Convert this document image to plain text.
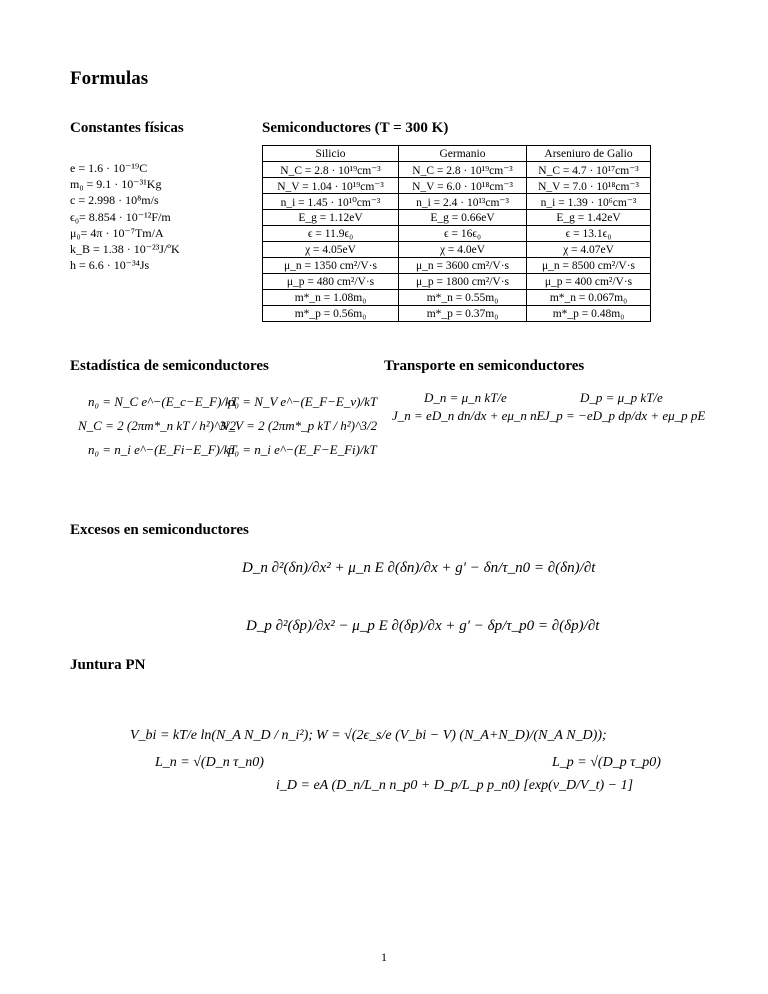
Formulas
Constantes físicas
e = 1.6 · 10⁻¹⁹C
m₀ = 9.1 · 10⁻³¹Kg
c = 2.998 · 10⁸m/s
ϵ₀= 8.854 · 10⁻¹²F/m
μ₀= 4π · 10⁻⁷Tm/A
k_B = 1.38 · 10⁻²³J/ºK
h = 6.6 · 10⁻³⁴Js
Semiconductores (T = 300 K)
Silicio	Germanio	Arseniuro de Galio
N_C = 2.8 · 10¹⁹cm⁻³	N_C = 2.8 · 10¹⁹cm⁻³	N_C = 4.7 · 10¹⁷cm⁻³
N_V = 1.04 · 10¹⁹cm⁻³	N_V = 6.0 · 10¹⁸cm⁻³	N_V = 7.0 · 10¹⁸cm⁻³
n_i = 1.45 · 10¹⁰cm⁻³	n_i = 2.4 · 10¹³cm⁻³	n_i = 1.39 · 10⁶cm⁻³
E_g = 1.12eV	E_g = 0.66eV	E_g = 1.42eV
ϵ = 11.9ϵ₀	ϵ = 16ϵ₀	ϵ = 13.1ϵ₀
χ = 4.05eV	χ = 4.0eV	χ = 4.07eV
μ_n = 1350 cm²/V·s	μ_n = 3600 cm²/V·s	μ_n = 8500 cm²/V·s
μ_p = 480 cm²/V·s	μ_p = 1800 cm²/V·s	μ_p = 400 cm²/V·s
m*_n = 1.08m₀	m*_n = 0.55m₀	m*_n = 0.067m₀
m*_p = 0.56m₀	m*_p = 0.37m₀	m*_p = 0.48m₀
Estadística de semiconductores
n₀ = N_C e^−(E_c−E_F)/kT
N_C = 2 (2πm*_n kT / h²)^3/2
n₀ = n_i e^−(E_Fi−E_F)/kT
p₀ = N_V e^−(E_F−E_v)/kT
N_V = 2 (2πm*_p kT / h²)^3/2
p₀ = n_i e^−(E_F−E_Fi)/kT
Transporte en semiconductores
D_n = μ_n kT/e	D_p = μ_p kT/e
J_n = eD_n dn/dx + eμ_n nE J_p = −eD_p dp/dx + eμ_p pE
Excesos en semiconductores
D_n ∂²(δn)/∂x² + μ_n E ∂(δn)/∂x + g′ − δn/τ_n0 = ∂(δn)/∂t
D_p ∂²(δp)/∂x² − μ_p E ∂(δp)/∂x + g′ − δp/τ_p0 = ∂(δp)/∂t
Juntura PN
V_bi = kT/e ln(N_A N_D / n_i²); W = √(2ϵ_s/e (V_bi − V) (N_A+N_D)/(N_A N_D));
L_n = √(D_n τ_n0)	L_p = √(D_p τ_p0)
i_D = eA (D_n/L_n n_p0 + D_p/L_p p_n0) [exp(v_D/V_t) − 1]
1
